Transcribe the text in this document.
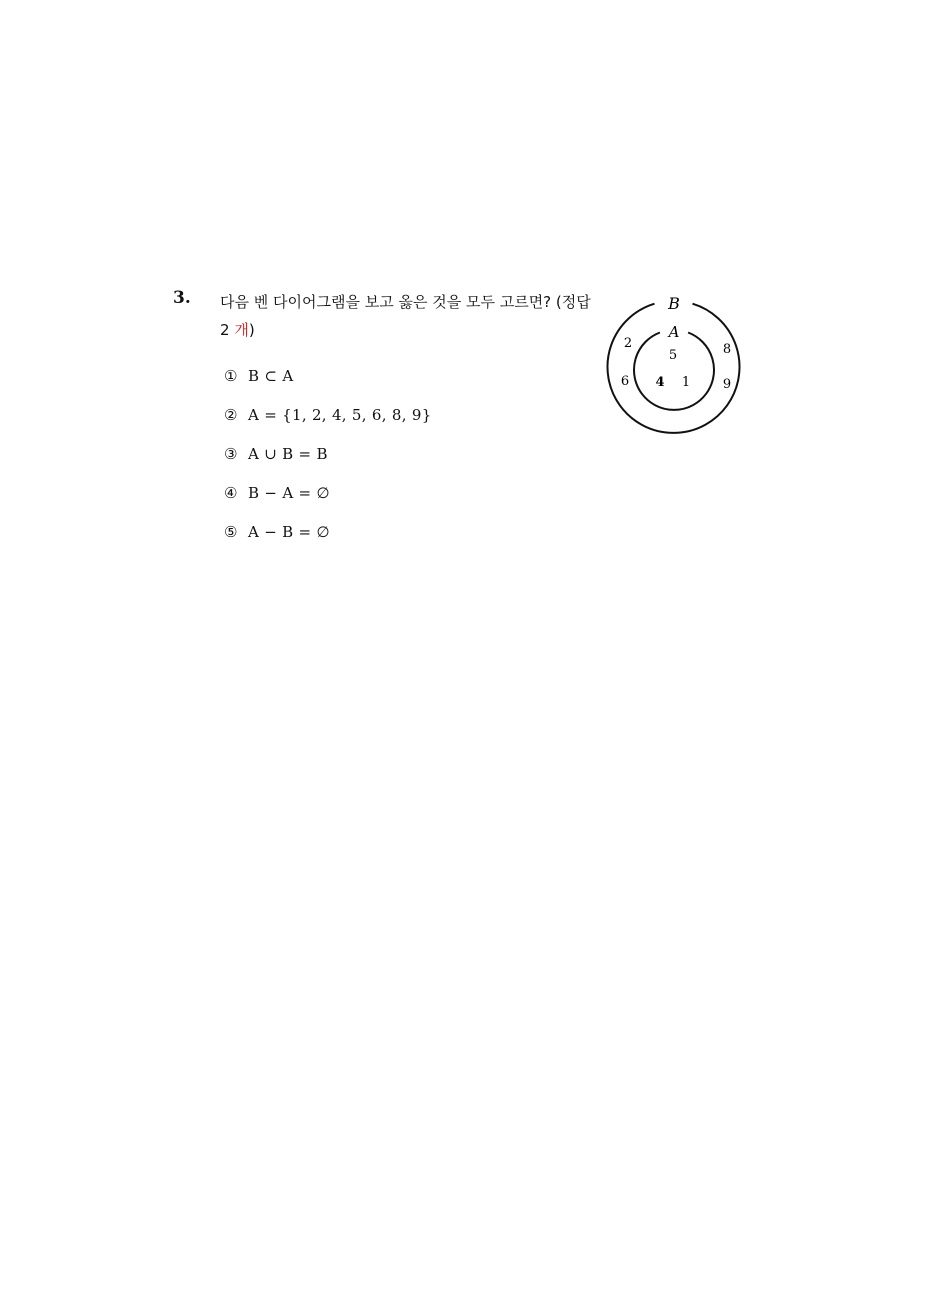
3. 다음 벤 다이어그램을 보고 옳은 것을 모두 고르면? (정답
2 개)
① B ⊂ A
② A = {1, 2, 4, 5, 6, 8, 9}
③ A ∪ B = B
④ B − A = ∅
⑤ A − B = ∅
B
A
5
4 1
2
6
8
9
